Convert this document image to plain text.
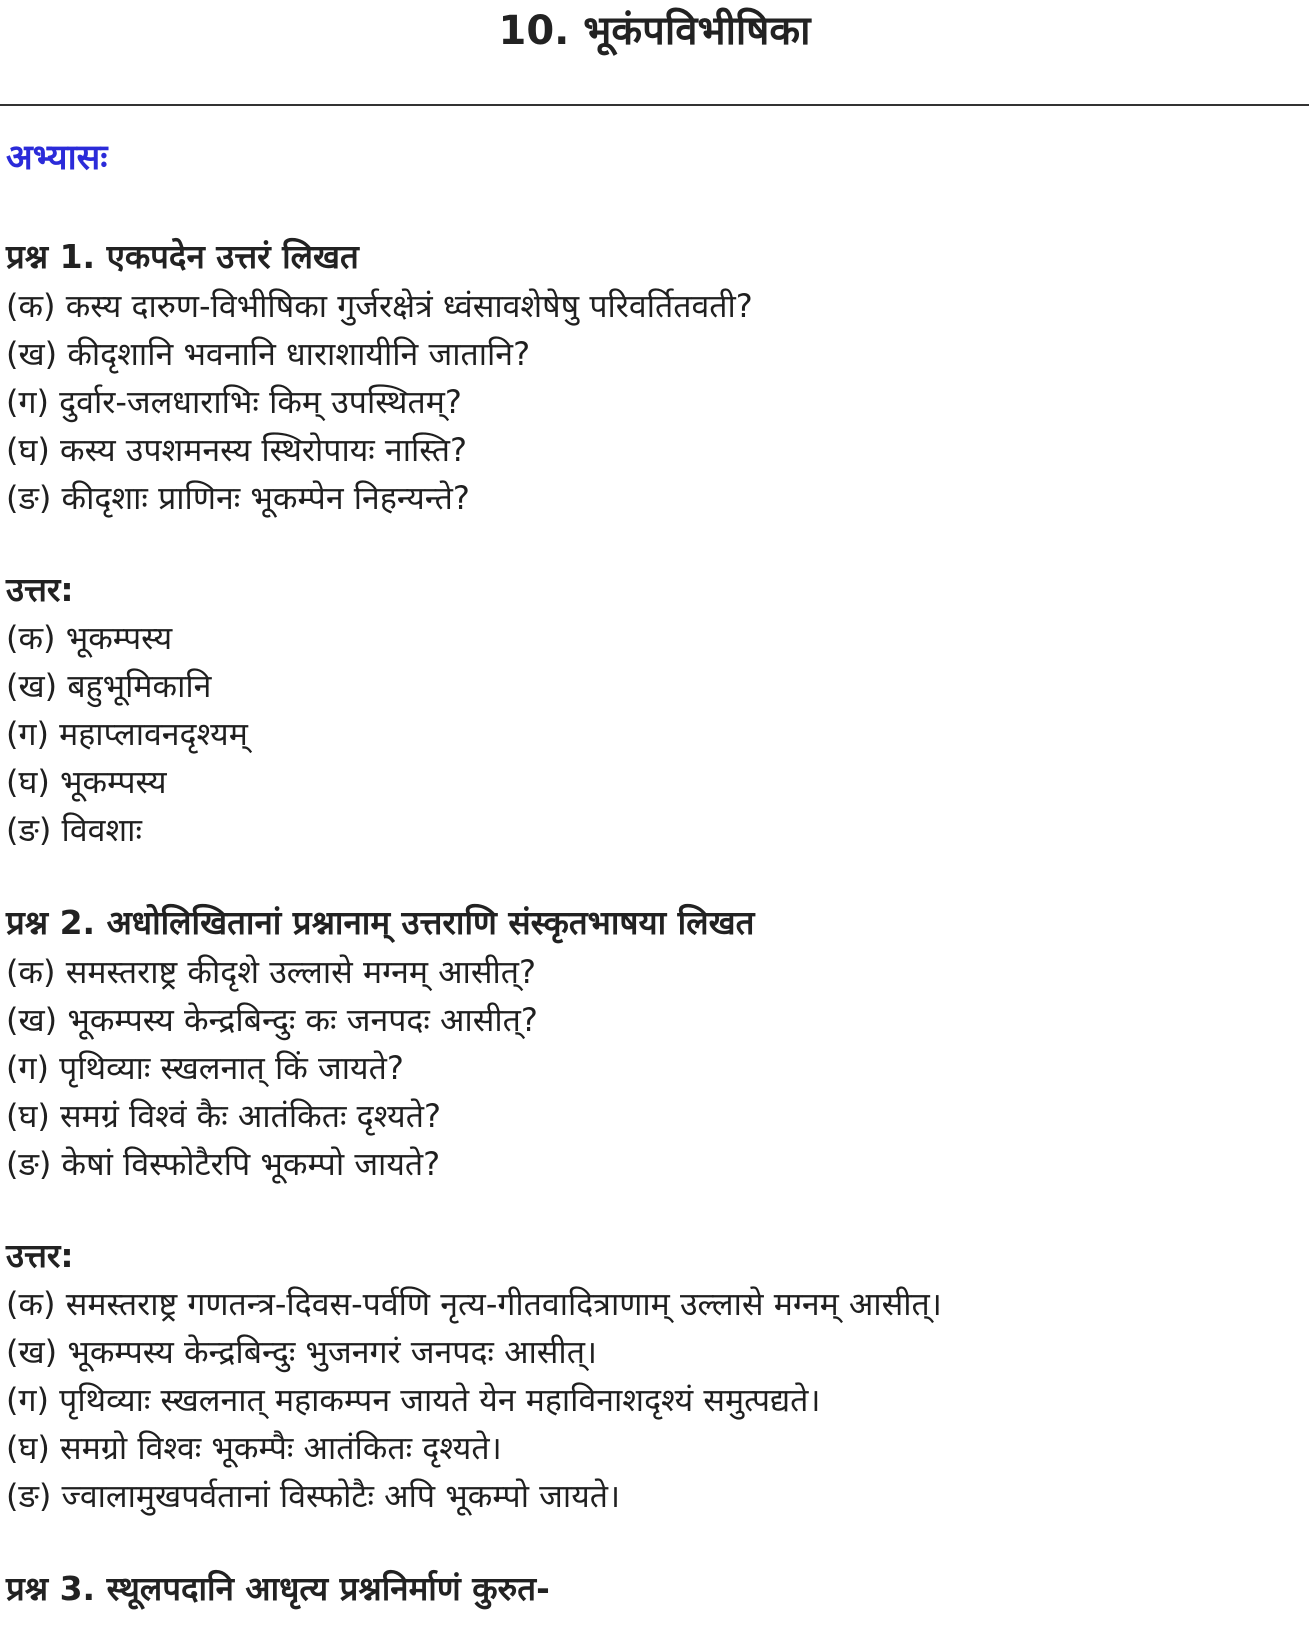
10. भूकंपविभीषिका

अभ्यासः

प्रश्न 1. एकपदेन उत्तरं लिखत

(क) कस्य दारुण-विभीषिका गुर्जरक्षेत्रं ध्वंसावशेषेषु परिवर्तितवती?

(ख) कीदृशानि भवनानि धाराशायीनि जातानि?

(ग) दुर्वार-जलधाराभिः किम् उपस्थितम्?

(घ) कस्य उपशमनस्य स्थिरोपायः नास्ति?

(ङ) कीदृशाः प्राणिनः भूकम्पेन निहन्यन्ते?

उत्तर:

(क) भूकम्पस्य

(ख) बहुभूमिकानि

(ग) महाप्लावनदृश्यम्

(घ) भूकम्पस्य

(ङ) विवशाः

प्रश्न 2. अधोलिखितानां प्रश्नानाम् उत्तराणि संस्कृतभाषया लिखत

(क) समस्तराष्ट्र कीदृशे उल्लासे मग्नम् आसीत्?

(ख) भूकम्पस्य केन्द्रबिन्दुः कः जनपदः आसीत्?

(ग) पृथिव्याः स्खलनात् किं जायते?

(घ) समग्रं विश्वं कैः आतंकितः दृश्यते?

(ङ) केषां विस्फोटैरपि भूकम्पो जायते?

उत्तर:

(क) समस्तराष्ट्र गणतन्त्र-दिवस-पर्वणि नृत्य-गीतवादित्राणाम् उल्लासे मग्नम् आसीत्।

(ख) भूकम्पस्य केन्द्रबिन्दुः भुजनगरं जनपदः आसीत्।

(ग) पृथिव्याः स्खलनात् महाकम्पन जायते येन महाविनाशदृश्यं समुत्पद्यते।

(घ) समग्रो विश्वः भूकम्पैः आतंकितः दृश्यते।

(ङ) ज्वालामुखपर्वतानां विस्फोटैः अपि भूकम्पो जायते।

प्रश्न 3. स्थूलपदानि आधृत्य प्रश्ननिर्माणं कुरुत-
